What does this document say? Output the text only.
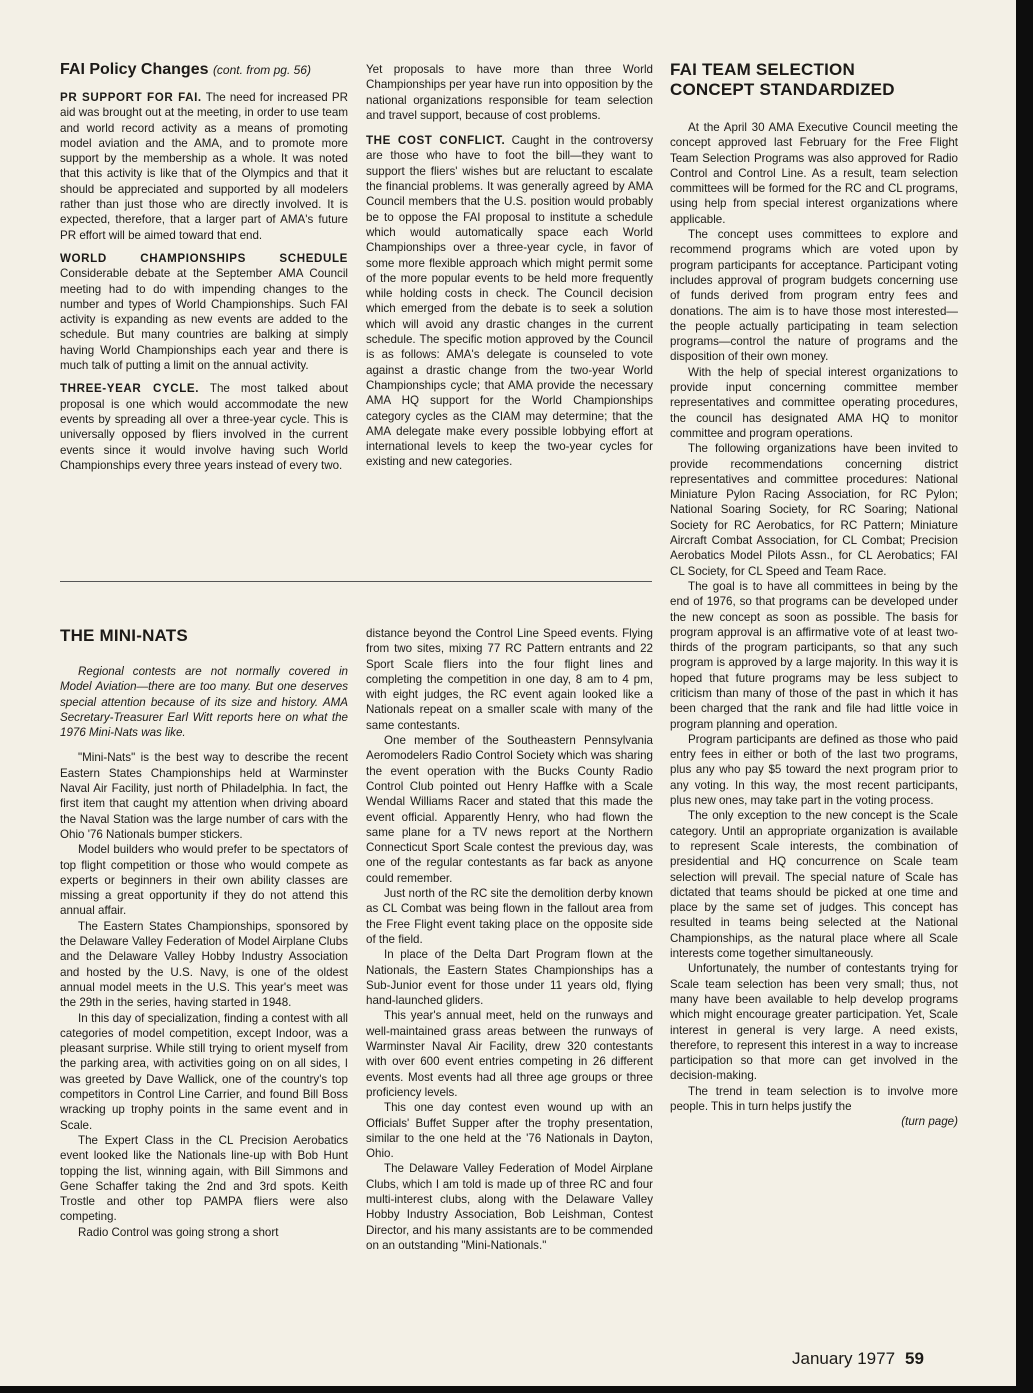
FAI Policy Changes (cont. from pg. 56)

PR SUPPORT FOR FAI. The need for increased PR aid was brought out at the meeting, in order to use team and world record activity as a means of promoting model aviation and the AMA, and to promote more support by the membership as a whole. It was noted that this activity is like that of the Olympics and that it should be appreciated and supported by all modelers rather than just those who are directly involved. It is expected, therefore, that a larger part of AMA's future PR effort will be aimed toward that end.

WORLD CHAMPIONSHIPS SCHEDULE

Considerable debate at the September AMA Council meeting had to do with impending changes to the number and types of World Championships. Such FAI activity is expanding as new events are added to the schedule. But many countries are balking at simply having World Championships each year and there is much talk of putting a limit on the annual activity.

THREE-YEAR CYCLE. The most talked about proposal is one which would accommodate the new events by spreading all over a three-year cycle. This is universally opposed by fliers involved in the current events since it would involve having such World Championships every three years instead of every two.

Yet proposals to have more than three World Championships per year have run into opposition by the national organizations responsible for team selection and travel support, because of cost problems.

THE COST CONFLICT. Caught in the controversy are those who have to foot the bill—they want to support the fliers' wishes but are reluctant to escalate the financial problems. It was generally agreed by AMA Council members that the U.S. position would probably be to oppose the FAI proposal to institute a schedule which would automatically space each World Championships over a three-year cycle, in favor of some more flexible approach which might permit some of the more popular events to be held more frequently while holding costs in check. The Council decision which emerged from the debate is to seek a solution which will avoid any drastic changes in the current schedule. The specific motion approved by the Council is as follows: AMA's delegate is counseled to vote against a drastic change from the two-year World Championships cycle; that AMA provide the necessary AMA HQ support for the World Championships category cycles as the CIAM may determine; that the AMA delegate make every possible lobbying effort at international levels to keep the two-year cycles for existing and new categories.

THE MINI-NATS

Regional contests are not normally covered in Model Aviation—there are too many. But one deserves special attention because of its size and history. AMA Secretary-Treasurer Earl Witt reports here on what the 1976 Mini-Nats was like.

"Mini-Nats" is the best way to describe the recent Eastern States Championships held at Warminster Naval Air Facility, just north of Philadelphia. In fact, the first item that caught my attention when driving aboard the Naval Station was the large number of cars with the Ohio '76 Nationals bumper stickers.

Model builders who would prefer to be spectators of top flight competition or those who would compete as experts or beginners in their own ability classes are missing a great opportunity if they do not attend this annual affair.

The Eastern States Championships, sponsored by the Delaware Valley Federation of Model Airplane Clubs and the Delaware Valley Hobby Industry Association and hosted by the U.S. Navy, is one of the oldest annual model meets in the U.S. This year's meet was the 29th in the series, having started in 1948.

In this day of specialization, finding a contest with all categories of model competition, except Indoor, was a pleasant surprise. While still trying to orient myself from the parking area, with activities going on on all sides, I was greeted by Dave Wallick, one of the country's top competitors in Control Line Carrier, and found Bill Boss wracking up trophy points in the same event and in Scale.

The Expert Class in the CL Precision Aerobatics event looked like the Nationals line-up with Bob Hunt topping the list, winning again, with Bill Simmons and Gene Schaffer taking the 2nd and 3rd spots. Keith Trostle and other top PAMPA fliers were also competing.

Radio Control was going strong a short

distance beyond the Control Line Speed events. Flying from two sites, mixing 77 RC Pattern entrants and 22 Sport Scale fliers into the four flight lines and completing the competition in one day, 8 am to 4 pm, with eight judges, the RC event again looked like a Nationals repeat on a smaller scale with many of the same contestants.

One member of the Southeastern Pennsylvania Aeromodelers Radio Control Society which was sharing the event operation with the Bucks County Radio Control Club pointed out Henry Haffke with a Scale Wendal Williams Racer and stated that this made the event official. Apparently Henry, who had flown the same plane for a TV news report at the Northern Connecticut Sport Scale contest the previous day, was one of the regular contestants as far back as anyone could remember.

Just north of the RC site the demolition derby known as CL Combat was being flown in the fallout area from the Free Flight event taking place on the opposite side of the field.

In place of the Delta Dart Program flown at the Nationals, the Eastern States Championships has a Sub-Junior event for those under 11 years old, flying hand-launched gliders.

This year's annual meet, held on the runways and well-maintained grass areas between the runways of Warminster Naval Air Facility, drew 320 contestants with over 600 event entries competing in 26 different events. Most events had all three age groups or three proficiency levels.

This one day contest even wound up with an Officials' Buffet Supper after the trophy presentation, similar to the one held at the '76 Nationals in Dayton, Ohio.

The Delaware Valley Federation of Model Airplane Clubs, which I am told is made up of three RC and four multi-interest clubs, along with the Delaware Valley Hobby Industry Association, Bob Leishman, Contest Director, and his many assistants are to be commended on an outstanding "Mini-Nationals."

FAI TEAM SELECTION

CONCEPT STANDARDIZED

At the April 30 AMA Executive Council meeting the concept approved last February for the Free Flight Team Selection Programs was also approved for Radio Control and Control Line. As a result, team selection committees will be formed for the RC and CL programs, using help from special interest organizations where applicable.

The concept uses committees to explore and recommend programs which are voted upon by program participants for acceptance. Participant voting includes approval of program budgets concerning use of funds derived from program entry fees and donations. The aim is to have those most interested—the people actually participating in team selection programs—control the nature of programs and the disposition of their own money.

With the help of special interest organizations to provide input concerning committee member representatives and committee operating procedures, the council has designated AMA HQ to monitor committee and program operations.

The following organizations have been invited to provide recommendations concerning district representatives and committee procedures: National Miniature Pylon Racing Association, for RC Pylon; National Soaring Society, for RC Soaring; National Society for RC Aerobatics, for RC Pattern; Miniature Aircraft Combat Association, for CL Combat; Precision Aerobatics Model Pilots Assn., for CL Aerobatics; FAI CL Society, for CL Speed and Team Race.

The goal is to have all committees in being by the end of 1976, so that programs can be developed under the new concept as soon as possible. The basis for program approval is an affirmative vote of at least two-thirds of the program participants, so that any such program is approved by a large majority. In this way it is hoped that future programs may be less subject to criticism than many of those of the past in which it has been charged that the rank and file had little voice in program planning and operation.

Program participants are defined as those who paid entry fees in either or both of the last two programs, plus any who pay $5 toward the next program prior to any voting. In this way, the most recent participants, plus new ones, may take part in the voting process.

The only exception to the new concept is the Scale category. Until an appropriate organization is available to represent Scale interests, the combination of presidential and HQ concurrence on Scale team selection will prevail. The special nature of Scale has dictated that teams should be picked at one time and place by the same set of judges. This concept has resulted in teams being selected at the National Championships, as the natural place where all Scale interests come together simultaneously.

Unfortunately, the number of contestants trying for Scale team selection has been very small; thus, not many have been available to help develop programs which might encourage greater participation. Yet, Scale interest in general is very large. A need exists, therefore, to represent this interest in a way to increase participation so that more can get involved in the decision-making.

The trend in team selection is to involve more people. This in turn helps justify the

(turn page)

January 1977 59
